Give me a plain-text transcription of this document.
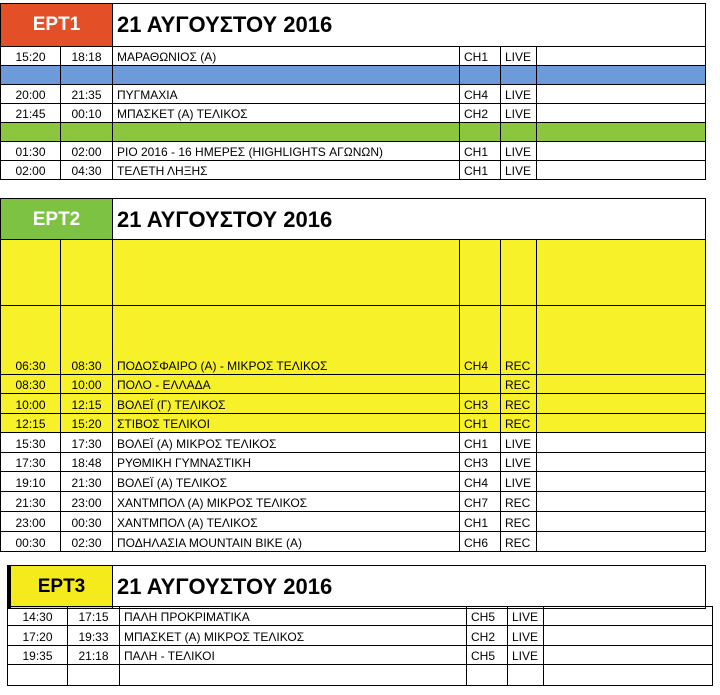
ΕΡΤ1	21 ΑΥΓΟΥΣΤΟΥ 2016
15:20	18:18	ΜΑΡΑΘΩΝΙΟΣ (Α)	CH1	LIVE	

20:00	21:35	ΠΥΓΜΑΧΙΑ	CH4	LIVE	
21:45	00:10	ΜΠΑΣΚΕΤ (Α) ΤΕΛΙΚΟΣ	CH2	LIVE	

01:30	02:00	ΡΙΟ 2016 - 16 ΗΜΕΡΕΣ (HIGHLIGHTS ΑΓΩΝΩΝ)	CH1	LIVE	
02:00	04:30	ΤΕΛΕΤΗ ΛΗΞΗΣ	CH1	LIVE	
ΕΡΤ2	21 ΑΥΓΟΥΣΤΟΥ 2016

06:30	08:30	ΠΟΔΟΣΦΑΙΡΟ (Α) - ΜΙΚΡΟΣ ΤΕΛΙΚΟΣ	CH4	REC	
08:30	10:00	ΠΟΛΟ - ΕΛΛΑΔΑ		REC	
10:00	12:15	ΒΟΛΕΪ (Γ) ΤΕΛΙΚΟΣ	CH3	REC	
12:15	15:20	ΣΤΙΒΟΣ ΤΕΛΙΚΟΙ	CH1	REC	
15:30	17:30	ΒΟΛΕΪ (Α) ΜΙΚΡΟΣ ΤΕΛΙΚΟΣ	CH1	LIVE	
17:30	18:48	ΡΥΘΜΙΚΗ ΓΥΜΝΑΣΤΙΚΗ	CH3	LIVE	
19:10	21:30	ΒΟΛΕΪ (Α) ΤΕΛΙΚΟΣ	CH4	LIVE	
21:30	23:00	ΧΑΝΤΜΠΟΛ (Α) ΜΙΚΡΟΣ ΤΕΛΙΚΟΣ	CH7	REC	
23:00	00:30	ΧΑΝΤΜΠΟΛ (Α) ΤΕΛΙΚΟΣ	CH1	REC	
00:30	02:30	ΠΟΔΗΛΑΣΙΑ MOUNTAIN BIKE (Α)	CH6	REC	
ΕΡΤ3	21 ΑΥΓΟΥΣΤΟΥ 2016
14:30	17:15	ΠΑΛΗ ΠΡΟΚΡΙΜΑΤΙΚΑ	CH5	LIVE	
17:20	19:33	ΜΠΑΣΚΕΤ (Α) ΜΙΚΡΟΣ ΤΕΛΙΚΟΣ	CH2	LIVE	
19:35	21:18	ΠΑΛΗ - ΤΕΛΙΚΟΙ	CH5	LIVE	
